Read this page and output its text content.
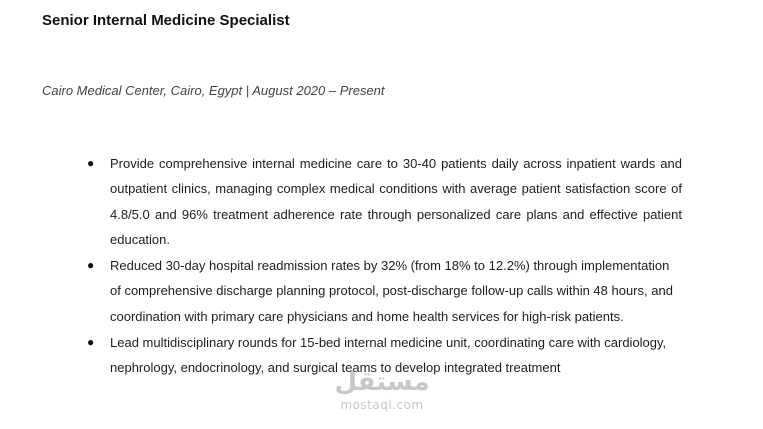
Senior Internal Medicine Specialist

Cairo Medical Center, Cairo, Egypt | August 2020 – Present

● Provide comprehensive internal medicine care to 30-40 patients daily across inpatient wards and outpatient clinics, managing complex medical conditions with average patient satisfaction score of 4.8/5.0 and 96% treatment adherence rate through personalized care plans and effective patient education.
● Reduced 30-day hospital readmission rates by 32% (from 18% to 12.2%) through implementation of comprehensive discharge planning protocol, post-discharge follow-up calls within 48 hours, and coordination with primary care physicians and home health services for high-risk patients.
● Lead multidisciplinary rounds for 15-bed internal medicine unit, coordinating care with cardiology, nephrology, endocrinology, and surgical teams to develop integrated treatment
مستقل
mostaql.com
